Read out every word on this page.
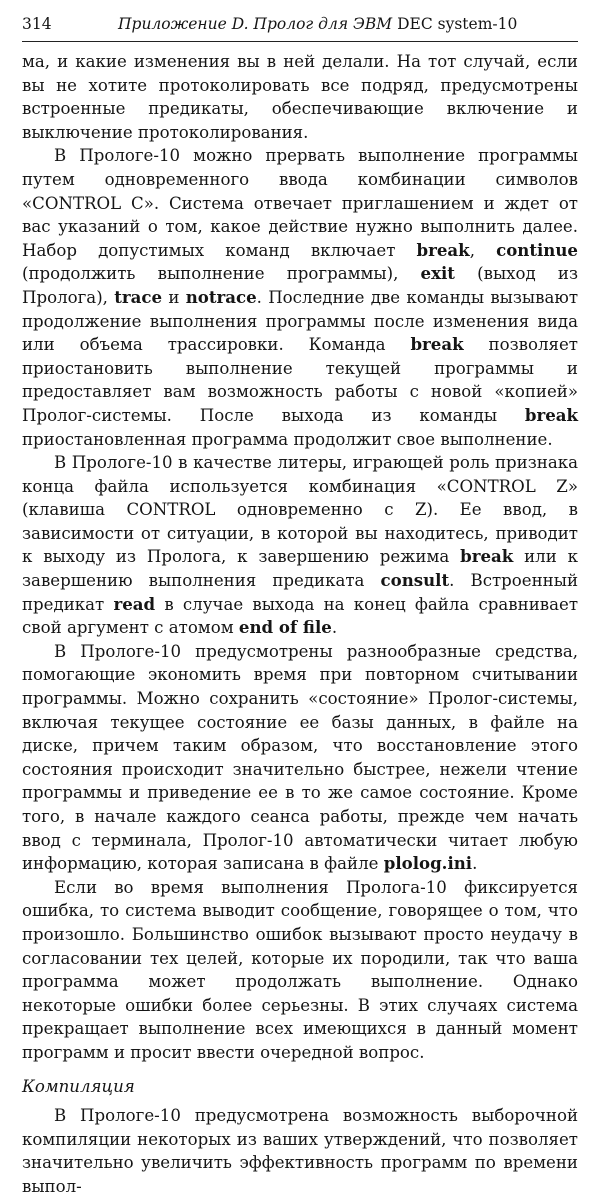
314	Приложение D. Пролог для ЭВМ DEC system-10

ма, и какие изменения вы в ней делали. На тот случай, если вы не хотите протоколировать все подряд, предусмотрены встроенные предикаты, обеспечивающие включение и выключение протоколирования.

В Прологе-10 можно прервать выполнение программы путем одновременного ввода комбинации символов «CONTROL C». Система отвечает приглашением и ждет от вас указаний о том, какое действие нужно выполнить далее. Набор допустимых команд включает break, continue (продолжить выполнение программы), exit (выход из Пролога), trace и notrace. Последние две команды вызывают продолжение выполнения программы после изменения вида или объема трассировки. Команда break позволяет приостановить выполнение текущей программы и предоставляет вам возможность работы с новой «копией» Пролог-системы. После выхода из команды break приостановленная программа продолжит свое выполнение.

В Прологе-10 в качестве литеры, играющей роль признака конца файла используется комбинация «CONTROL Z» (клавиша CONTROL одновременно с Z). Ее ввод, в зависимости от ситуации, в которой вы находитесь, приводит к выходу из Пролога, к завершению режима break или к завершению выполнения предиката consult. Встроенный предикат read в случае выхода на конец файла сравнивает свой аргумент с атомом end of file.

В Прологе-10 предусмотрены разнообразные средства, помогающие экономить время при повторном считывании программы. Можно сохранить «состояние» Пролог-системы, включая текущее состояние ее базы данных, в файле на диске, причем таким образом, что восстановление этого состояния происходит значительно быстрее, нежели чтение программы и приведение ее в то же самое состояние. Кроме того, в начале каждого сеанса работы, прежде чем начать ввод с терминала, Пролог-10 автоматически читает любую информацию, которая записана в файле plolog.ini.

Если во время выполнения Пролога-10 фиксируется ошибка, то система выводит сообщение, говорящее о том, что произошло. Большинство ошибок вызывают просто неудачу в согласовании тех целей, которые их породили, так что ваша программа может продолжать выполнение. Однако некоторые ошибки более серьезны. В этих случаях система прекращает выполнение всех имеющихся в данный момент программ и просит ввести очередной вопрос.

Компиляция

В Прологе-10 предусмотрена возможность выборочной компиляции некоторых из ваших утверждений, что позволяет значительно увеличить эффективность программ по времени выпол-
